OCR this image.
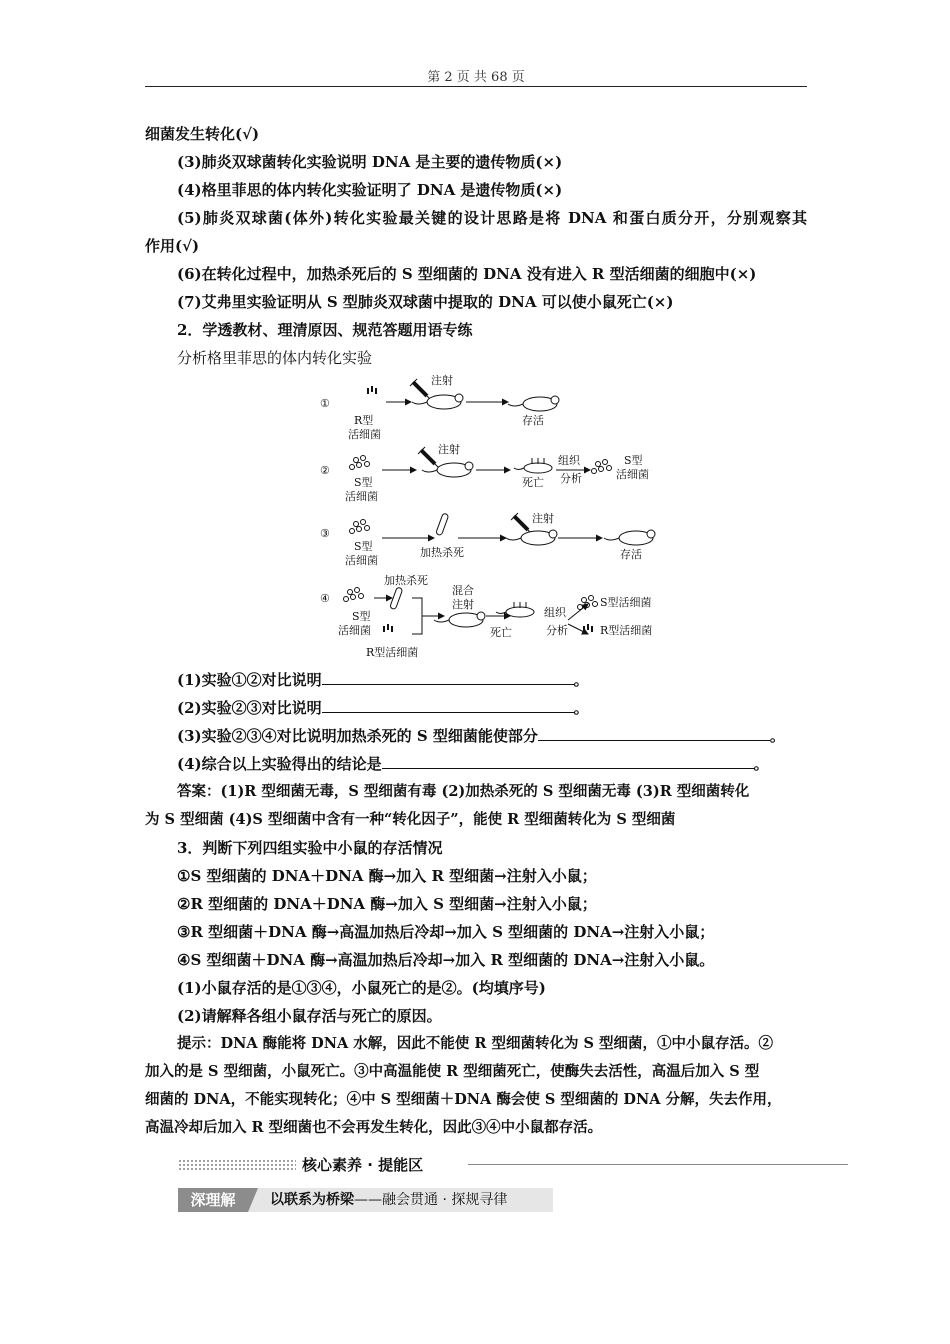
第 2 页 共 68 页
细菌发生转化(√)
(3)肺炎双球菌转化实验说明 DNA 是主要的遗传物质(×)
(4)格里菲思的体内转化实验证明了 DNA 是遗传物质(×)
(5)肺炎双球菌(体外)转化实验最关键的设计思路是将 DNA 和蛋白质分开，分别观察其
作用(√)
(6)在转化过程中，加热杀死后的 S 型细菌的 DNA 没有进入 R 型活细菌的细胞中(×)
(7)艾弗里实验证明从 S 型肺炎双球菌中提取的 DNA 可以使小鼠死亡(×)
2．学透教材、理清原因、规范答题用语专练
分析格里菲思的体内转化实验
①
R型
活细菌
注射
存活
②
S型
活细菌
注射
死亡
组织
分析
S型
活细菌
③
S型
活细菌
加热杀死
注射
存活
④
加热杀死
S型
活细菌
R型活细菌
混合
注射
死亡
组织
分析
S型活细菌
R型活细菌
(1)实验①②对比说明	。
(2)实验②③对比说明	。
(3)实验②③④对比说明加热杀死的 S 型细菌能使部分	。
(4)综合以上实验得出的结论是	。
答案：(1)R 型细菌无毒，S 型细菌有毒 (2)加热杀死的 S 型细菌无毒 (3)R 型细菌转化
为 S 型细菌 (4)S 型细菌中含有一种“转化因子”，能使 R 型细菌转化为 S 型细菌
3．判断下列四组实验中小鼠的存活情况
①S 型细菌的 DNA＋DNA 酶→加入 R 型细菌→注射入小鼠；
②R 型细菌的 DNA＋DNA 酶→加入 S 型细菌→注射入小鼠；
③R 型细菌＋DNA 酶→高温加热后冷却→加入 S 型细菌的 DNA→注射入小鼠；
④S 型细菌＋DNA 酶→高温加热后冷却→加入 R 型细菌的 DNA→注射入小鼠。
(1)小鼠存活的是①③④，小鼠死亡的是②。(均填序号)
(2)请解释各组小鼠存活与死亡的原因。
提示：DNA 酶能将 DNA 水解，因此不能使 R 型细菌转化为 S 型细菌，①中小鼠存活。②
加入的是 S 型细菌，小鼠死亡。③中高温能使 R 型细菌死亡，使酶失去活性，高温后加入 S 型
细菌的 DNA，不能实现转化；④中 S 型细菌＋DNA 酶会使 S 型细菌的 DNA 分解，失去作用，
高温冷却后加入 R 型细菌也不会再发生转化，因此③④中小鼠都存活。
核心素养 · 提能区
深理解	以联系为桥梁——融会贯通 · 探规寻律
